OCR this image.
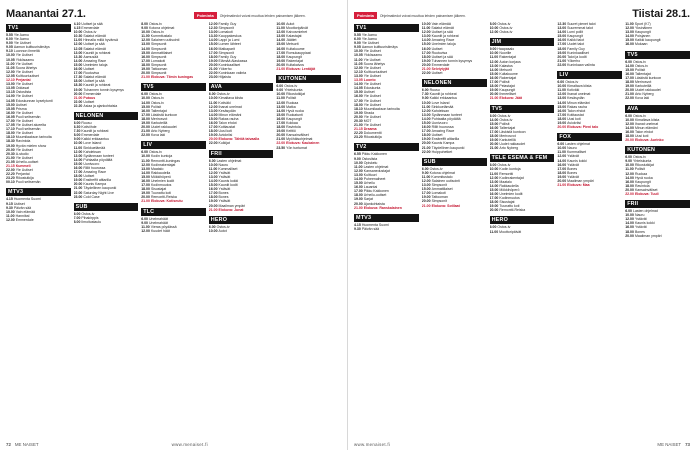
Maanantai 27.1.	Poiminta	Ohjelmatiedot voivat muuttua lehden painamisen jälkeen.
TV1
5.55Yle Aamu
6.00Yle Aamu
9.00Yle Uutiset
9.05Aamun kulttuurisilmäys
9.10Luonnon ihmeitä
10.00Yle Uutiset
10.05Ykkösaamu
11.00Yle Uutiset
11.05Suora lähetys
12.00Yle Uutiset
12.05Kulttuuriuutiset
12.10Perjantai
13.00Yle Uutiset
13.05Oddasat
13.15Ostoslista
14.00Yle Uutiset
14.05Eduskunnan kyselytunti
15.00Uutiset
15.05Prisma
16.00Yle Uutiset
16.05Puoli seitsemän
17.00Yle Uutiset
17.05Yle Uutiset alueelta
17.10Puoli seitsemän
18.00Yle Uutiset
18.10Muumilaakson tarinoita
18.30Ravintola
19.00Hyvän mielen show
20.00Yle Uutiset
20.30A-studio
21.00Yle Uutiset
21.05Urheilu-uutiset
21.15Kummeli
22.00Yle Uutiset
22.20Perjantai
23.20Rikostutkija
00.10Puoli seitsemän
MTV3
4.15Huomenta Suomi
9.15Uutiset
9.30Päivän sää
10.00Vain elämää
11.00Hannibal
12.00Emmerdale
4.10Uutiset ja sää
4.15Emmerdale
10.00Ostos-tv
10.30Salatut elämät
11.00Hinnalla millä hyvänsä
12.00Uutiset ja sää
12.05Salatut elämät
13.00Kauniit ja rohkeat
13.30Aamusää
14.00Amazing Race
15.00Unelmien taloja
16.00Uutiset
17.00Ruutuvisa
17.30Salatut elämät
18.00Uutiset ja sää
18.30Kauniit ja rohkeat
19.00Tuhannen tonnin kysymys
20.00Emmerdale
21.00Putous
22.00Uutiset
22.20Asiaa ja ajankohtaisia
NELONEN
6.00Ruusu
6.30Kotiviihde
7.30Kauniit ja rohkeat
8.00Emmerdale
9.00Kaikki erkkaantuu
10.00Love Island
11.00Sinkkuelämää
12.00Kahdeksan
13.00Sydänmaan tunteet
14.00Puhtaalta pöydältä
15.00Uunivuoro
16.00Rillit huurussa
17.00Amazing Race
18.00Uutiset
19.00Ensitreffit alttarilla
20.00Kaunis Kampa
21.00Täydellinen kaupunki
22.00Saturday Night Live
23.00Cold Case
SUB
6.00Ostos-tv
7.00Pihakirppis
8.00Ilmoitustaulu
8.00Ostos-tv
9.00Kotona ohjelmat
10.00Ostos-tv
11.00Kummitustalo
12.00Salainen uutisointi
13.00Simpsonit
14.00Simpsonit
15.00Ammattilaiset
16.00Simpsonit
17.00Lomakoti
18.00Simpsonit
19.00Tattooman
20.00Simpsonit
21.00Elokuva: Tiimin kuningas
TV5
6.00Ostos-tv
10.00Ostos-tv
14.00Ostos-tv
15.00Poliisit
16.00Tallentajat
17.00Läskistä kuntoon
18.00Merirosvot
19.00Karkuteillä
20.00Uudet rakkaudet
21.00Arto Nyberg
22.00Kova laki
LIV
6.00Ostos-tv
10.00Kodin kuntoja
11.00Remontti-kuningas
12.00Kodinrakentajat
13.00Maatalo
14.00Rakkaudella
15.00Mökkihöperö
16.00Unelmien kodit
17.00Kodinmuutos
18.00Sisustajat
19.00Tuunattu koti
20.00Remontti-Reiska
21.00Elokuva: Kotiseutu
TLC
6.00Unelmahäät
9.00Unelmahäät
11.00Vieras pöydässä
12.00Kuudet häät
12.00Family Guy
12.30Simpsonit
13.00Lomakoti
13.30Kauppakeskus
14.00Lappi ja Lumi
15.00Lumen lähteet
16.00Matkaparit
17.00Simpsonit
18.00Family Guy
19.00Elämää Alaskassa
20.00Kuninkaalliset
21.00Yökerho
22.00Kuninkaan valinta
23.00Hiljaista
AVA
6.00Ostos-tv
10.00Kimaltava kiista
11.00Kotiväki
12.00Ihanat unelmat
13.00Kesäsydän
14.00Minun elämäni
15.00Rakas rauha
16.00Talon ehdot
17.00Kotitaustat
18.00Uusi koti
19.00Aviokriisi
20.00Elokuva: Tähtiä taivaalla
22.00Kulkijat
FRII
6.00Lasten ohjelmat
10.00Nauru
11.00Kummalliset
12.00Ystävät
13.00Ystävät
14.00Kaunis kokki
15.00Kauniit kodit
16.00Ystävät
17.00Bones
18.00Bones
19.00Ystävät
20.00Maailman ympäri
21.00Elokuva: Junat
HERO
6.00Ostos-tv
10.00Autot
10.00Autot
11.00Moottoripäivät
12.00Kaivosmiehet
13.00Kalastajat
14.00Jäätiet
15.00Metsurit
16.00Kultakuume
17.00Romukauppiaat
18.00Kaupungit
19.00Rakentajat
20.00Kultakaivos
21.00Elokuva: Lentäjät
KUTONEN
6.00Ostos-tv
9.00Yhteiskunta
10.00Rikostutkijat
11.00Poliisit
12.00Ruokaa
13.00Matka
14.00Hyvä ruoka
15.00Ruokatunti
16.00Kaupungit
17.00Kokkaa
18.00Ravintola
19.00Keittiö
20.00Kansainväliset
21.00Myöhäisohjelmat
22.00Elokuva: Kaukainen
23.50Yön tuntumat
72 ME NAISET	www.menaiset.fi
Poiminta	Ohjelmatiedot voivat muuttua lehden painamisen jälkeen.	Tiistai 28.1.
TV1
5.55Yle Aamu
6.00Yle Aamu
9.00Yle Uutiset
9.05Aamun kulttuurisilmäys
10.00Yle Uutiset
10.05Ykkösaamu
11.00Yle Uutiset
11.05Suora lähetys
12.00Yle Uutiset
12.10Kulttuuriuutiset
13.00Yle Uutiset
13.05Luonto
14.00Yle Uutiset
14.05Eduskunta
15.00Uutiset
16.00Yle Uutiset
17.00Yle Uutiset
18.00Yle Uutiset
18.10Muumilaakson tarinoita
19.00Strada
20.00Yle Uutiset
20.30MOT
21.00Yle Uutiset
21.15Draama
22.20Dokumentti
23.20Rikostutkija
TV2
6.55Pikku Kakkonen
9.00Ostoslista
10.00Opiskelu
11.00Lasten ohjelmat
12.00Kansanedustajat
13.00Kulttuuri
14.00Puheenaiheet
15.00Urheilu
16.00Lauantai
17.00Pikku Kakkonen
18.00Urheilu-uutiset
19.00Sarjat
20.00Ajankohtaista
21.00Elokuva: Ranskalainen
MTV3
4.15Huomenta Suomi
9.30Päivän sää
10.00Vain elämää
11.00Salatut elämät
12.00Uutiset ja sää
13.00Kauniit ja rohkeat
14.00Amazing Race
15.00Unelmien taloja
16.00Uutiset
17.00Ruutuvisa
18.00Uutiset ja sää
19.00Tuhannen tonnin kysymys
20.00Emmerdale
21.00Selviytyjät
22.00Uutiset
NELONEN
6.00Ruusu
7.30Kauniit ja rohkeat
9.00Kaikki erkkaantuu
10.00Love Island
11.00Sinkkuelämää
12.00Kahdeksan
13.00Sydänmaan tunteet
14.00Puhtaalta pöydältä
15.00Uunivuoro
16.00Rillit huurussa
17.00Amazing Race
18.00Uutiset
19.00Ensitreffit alttarilla
20.00Kaunis Kampa
21.00Täydellinen kaupunki
22.00Huippuhetket
SUB
6.00Ostos-tv
9.00Kotona ohjelmat
11.00Kummitustalo
12.00Salainen uutisointi
13.00Simpsonit
15.00Ammattilaiset
17.00Lomakoti
19.00Tattooman
20.00Simpsonit
21.00Elokuva: Sotilaat
8.00Ostos-tv
10.00Ostos-tv
12.00Ostos-tv
JIM
9.00Haapasalo
10.00Nuorille
11.00Rakentajat
12.00Auton korjaus
13.00Kalastus
14.00Metsurit
15.00Kultakuume
16.00Rakentajat
17.00Poliisit
18.00Pelastajat
19.00Kaupungit
20.00Ihmeelliset
21.00Elokuva: Jäät
TV5
6.00Ostos-tv
14.00Ostos-tv
15.00Poliisit
16.00Tallentajat
17.00Läskistä kuntoon
18.00Merirosvot
19.00Karkuteillä
20.00Uudet rakkaudet
21.00Arto Nyberg
TELE ESEMA & FEM
6.00Ostos-tv
10.00Kodin kuntoja
11.00Remontti
12.00Kodinrakentajat
13.00Maatalo
14.00Rakkaudella
15.00Mökkihöperö
16.00Unelmien kodit
17.00Kodinmuutos
18.00Sisustajat
19.00Tuunattu koti
20.00Remontti-Reiska
HERO
6.00Ostos-tv
11.00Moottoripäivät
12.30Suuret pienet talot
13.00Suuremmat talot
14.00Lumi pollit
15.00Kaupungit
16.00Kaikki talot
17.00Uudet talot
18.00Family Guy
19.00Kuninkaalliset
20.00Talot ja kodit
21.00Yökerho
22.00Kuninkaan valinta
LIV
6.00Ostos-tv
10.00Kimaltava kiista
11.00Kotiväki
12.00Ihanat unelmat
13.00Kesäsydän
14.00Minun elämäni
15.00Rakas rauha
16.00Talon ehdot
17.00Kotitaustat
18.00Uusi koti
19.00Aviokriisi
20.00Elokuva: Pieni talo
FOX
6.00Lasten ohjelmat
10.00Nauru
11.00Kummalliset
12.00Ystävät
14.00Kaunis kokki
16.00Ystävät
17.00Bones
18.00Bones
19.00Ystävät
20.00Maailman ympäri
21.00Elokuva: Maa
11.00Sport (K7)
12.00Yksinäinen
13.00Kaupungit
14.00Poisjanen
15.00Kaikki kaupungit
16.00Mukaan
TV5
6.00Ostos-tv
14.00Ostos-tv
15.00Poliisit
16.00Tallentajat
17.00Läskistä kuntoon
18.00Merirosvot
19.00Karkuteillä
20.00Uudet rakkaudet
21.00Arto Nyberg
22.00Kova laki
AVA
6.00Ostos-tv
10.00Kimaltava kiista
12.00Ihanat unelmat
14.00Minun elämäni
16.00Talon ehdot
18.00Uusi koti
20.00Elokuva: Aurinko
KUTONEN
6.00Ostos-tv
9.00Yhteiskunta
10.00Rikostutkijat
11.00Poliisit
12.00Ruokaa
14.00Hyvä ruoka
16.00Kaupungit
18.00Ravintola
20.00Kansainväliset
22.00Elokuva: Tuuli
FRII
6.00Lasten ohjelmat
10.00Nauru
12.00Ystävät
14.00Kaunis kokki
16.00Ystävät
18.00Bones
20.00Maailman ympäri
www.menaiset.fi	ME NAISET 73
